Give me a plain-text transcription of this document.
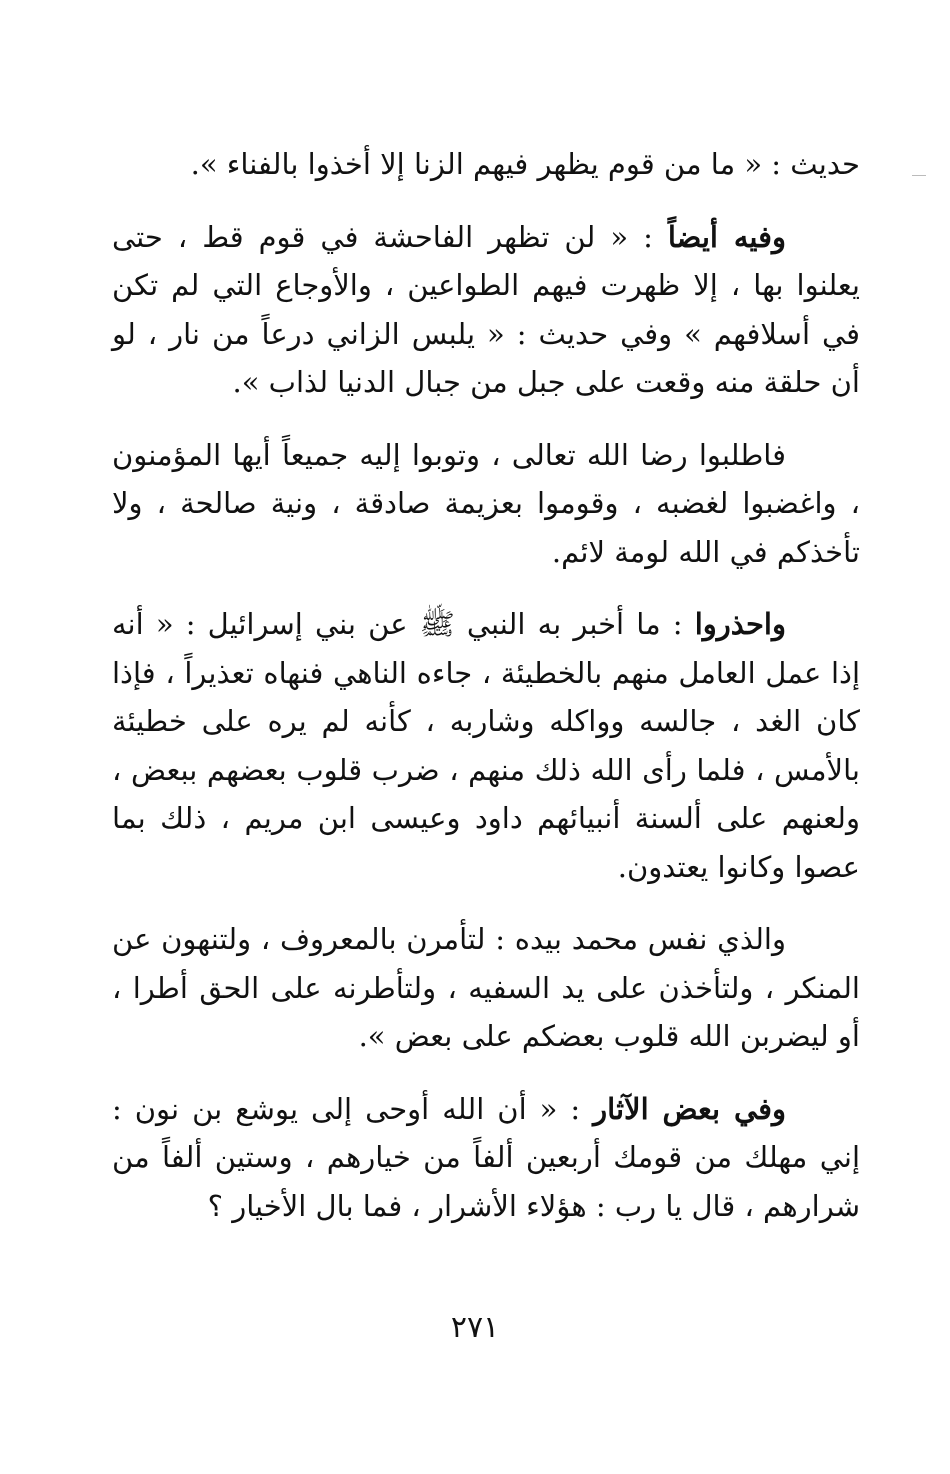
حديث : « ما من قوم يظهر فيهم الزنا إلا أخذوا بالفناء ».

وفيه أيضاً : « لن تظهر الفاحشة في قوم قط ، حتى يعلنوا بها ، إلا ظهرت فيهم الطواعين ، والأوجاع التي لم تكن في أسلافهم » وفي حديث : « يلبس الزاني درعاً من نار ، لو أن حلقة منه وقعت على جبل من جبال الدنيا لذاب ».

فاطلبوا رضا الله تعالى ، وتوبوا إليه جميعاً أيها المؤمنون ، واغضبوا لغضبه ، وقوموا بعزيمة صادقة ، ونية صالحة ، ولا تأخذكم في الله لومة لائم.

واحذروا : ما أخبر به النبي ﷺ عن بني إسرائيل : « أنه إذا عمل العامل منهم بالخطيئة ، جاءه الناهي فنهاه تعذيراً ، فإذا كان الغد ، جالسه وواكله وشاربه ، كأنه لم يره على خطيئة بالأمس ، فلما رأى الله ذلك منهم ، ضرب قلوب بعضهم ببعض ، ولعنهم على ألسنة أنبيائهم داود وعيسى ابن مريم ، ذلك بما عصوا وكانوا يعتدون.

والذي نفس محمد بيده : لتأمرن بالمعروف ، ولتنهون عن المنكر ، ولتأخذن على يد السفيه ، ولتأطرنه على الحق أطرا ، أو ليضربن الله قلوب بعضكم على بعض ».

وفي بعض الآثار : « أن الله أوحى إلى يوشع بن نون : إني مهلك من قومك أربعين ألفاً من خيارهم ، وستين ألفاً من شرارهم ، قال يا رب : هؤلاء الأشرار ، فما بال الأخيار ؟

٢٧١
